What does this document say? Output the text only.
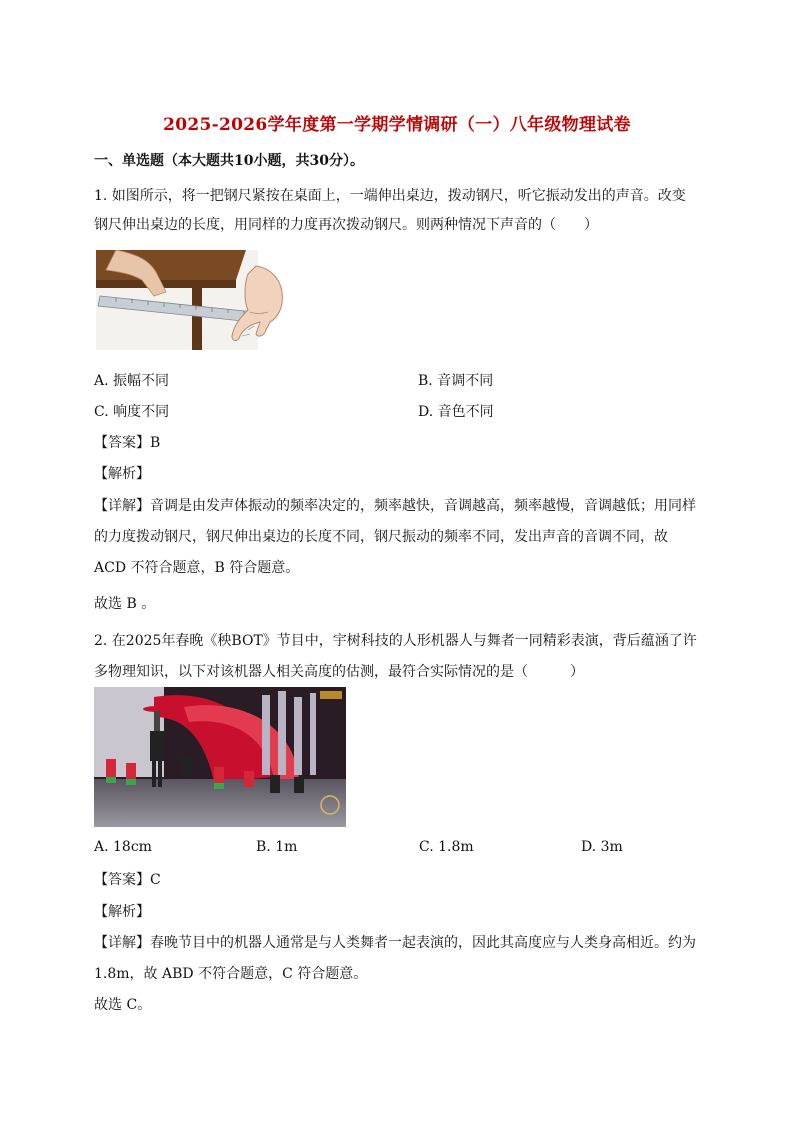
2025-2026学年度第一学期学情调研（一）八年级物理试卷
一、单选题（本大题共10小题，共30分）。
1. 如图所示，将一把钢尺紧按在桌面上，一端伸出桌边，拨动钢尺，听它振动发出的声音。改变
钢尺伸出桌边的长度，用同样的力度再次拨动钢尺。则两种情况下声音的（　　）
A. 振幅不同	B. 音调不同
C. 响度不同	D. 音色不同
【答案】B
【解析】
【详解】音调是由发声体振动的频率决定的，频率越快，音调越高，频率越慢，音调越低；用同样
的力度拨动钢尺，钢尺伸出桌边的长度不同，钢尺振动的频率不同，发出声音的音调不同，故
ACD 不符合题意，B 符合题意。
故选 B 。
2. 在2025年春晚《秧BOT》节目中，宇树科技的人形机器人与舞者一同精彩表演，背后蕴涵了许
多物理知识，以下对该机器人相关高度的估测，最符合实际情况的是（　　　）
A. 18cm	B. 1m	C. 1.8m	D. 3m
【答案】C
【解析】
【详解】春晚节目中的机器人通常是与人类舞者一起表演的，因此其高度应与人类身高相近。约为
1.8m，故 ABD 不符合题意，C 符合题意。
故选 C。
